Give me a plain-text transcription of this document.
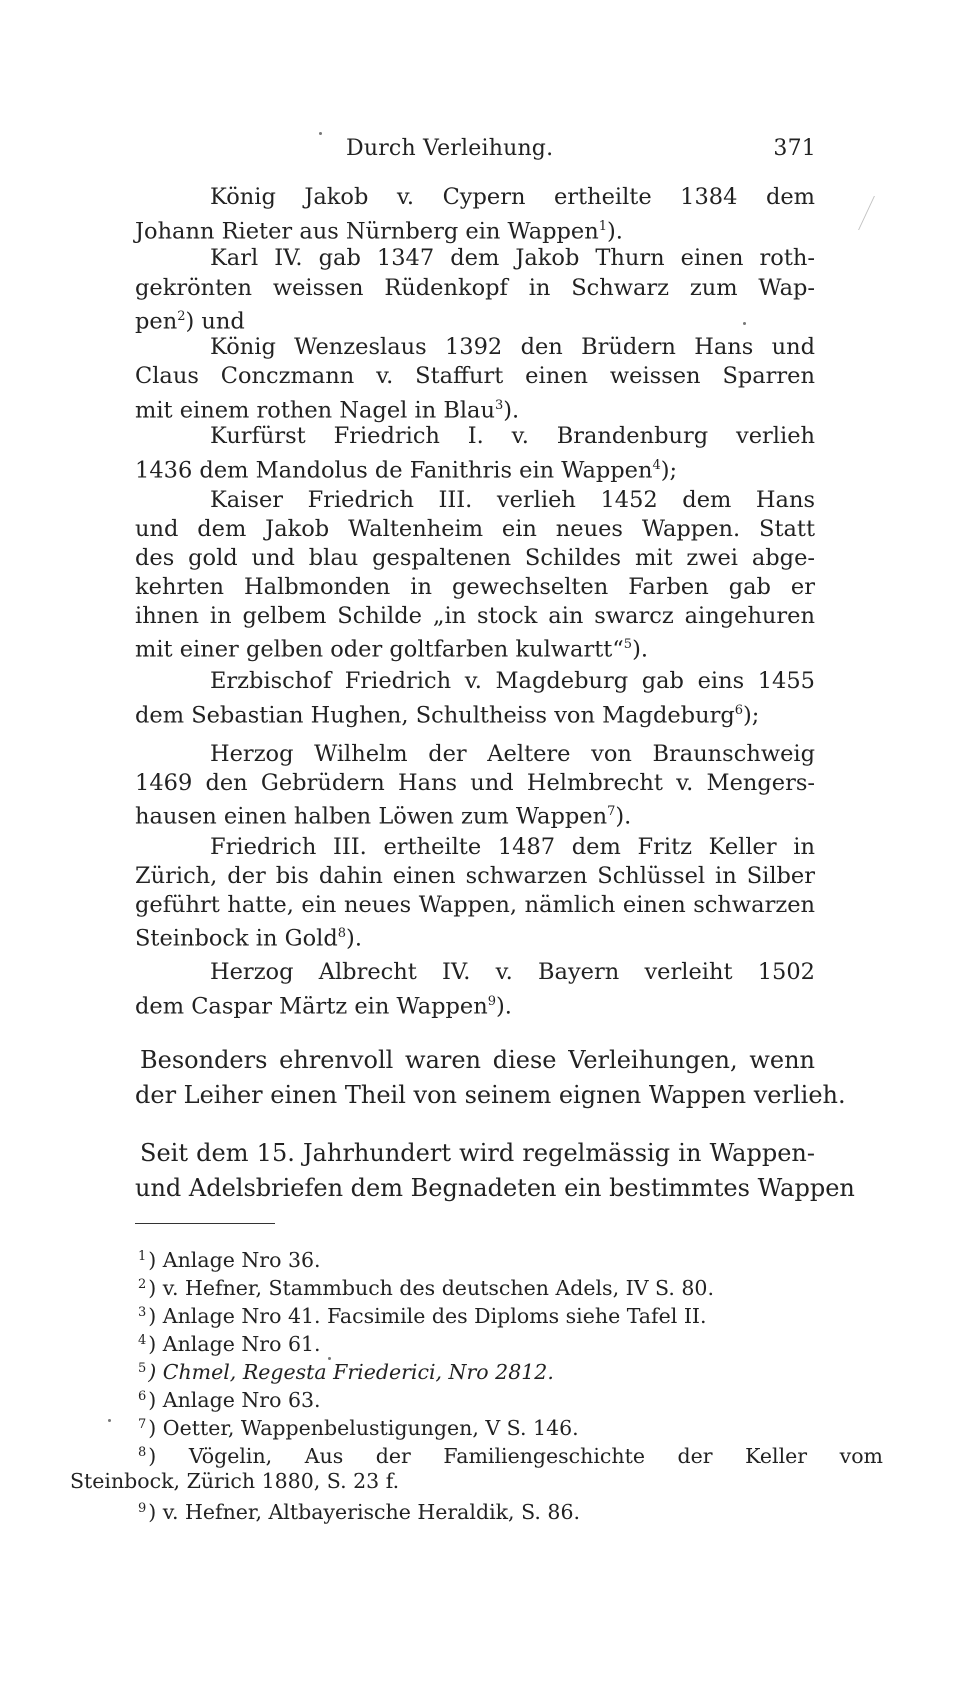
Durch Verleihung.	371
König Jakob v. Cypern ertheilte 1384 dem
Johann Rieter aus Nürnberg ein Wappen$^1$).
Karl IV. gab 1347 dem Jakob Thurn einen roth-
gekrönten weissen Rüdenkopf in Schwarz zum Wap-
pen$^2$) und
König Wenzeslaus 1392 den Brüdern Hans und
Claus Conczmann v. Staffurt einen weissen Sparren
mit einem rothen Nagel in Blau$^3$).
Kurfürst Friedrich I. v. Brandenburg verlieh
1436 dem Mandolus de Fanithris ein Wappen$^4$);
Kaiser Friedrich III. verlieh 1452 dem Hans
und dem Jakob Waltenheim ein neues Wappen. Statt
des gold und blau gespaltenen Schildes mit zwei abge-
kehrten Halbmonden in gewechselten Farben gab er
ihnen in gelbem Schilde „in stock ain swarcz aingehuren
mit einer gelben oder goltfarben kulwartt“$^5$).
Erzbischof Friedrich v. Magdeburg gab eins 1455
dem Sebastian Hughen, Schultheiss von Magdeburg$^6$);
Herzog Wilhelm der Aeltere von Braunschweig
1469 den Gebrüdern Hans und Helmbrecht v. Mengers-
hausen einen halben Löwen zum Wappen$^7$).
Friedrich III. ertheilte 1487 dem Fritz Keller in
Zürich, der bis dahin einen schwarzen Schlüssel in Silber
geführt hatte, ein neues Wappen, nämlich einen schwarzen
Steinbock in Gold$^8$).
Herzog Albrecht IV. v. Bayern verleiht 1502
dem Caspar Märtz ein Wappen$^9$).
Besonders ehrenvoll waren diese Verleihungen, wenn
der Leiher einen Theil von seinem eignen Wappen verlieh.
Seit dem 15. Jahrhundert wird regelmässig in Wappen-
und Adelsbriefen dem Begnadeten ein bestimmtes Wappen
$^1$) Anlage Nro 36.
$^2$) v. Hefner, Stammbuch des deutschen Adels, IV S. 80.
$^3$) Anlage Nro 41. Facsimile des Diploms siehe Tafel II.
$^4$) Anlage Nro 61.
$^5$) Chmel, Regesta Friederici, Nro 2812.
$^6$) Anlage Nro 63.
$^7$) Oetter, Wappenbelustigungen, V S. 146.
$^8$) Vögelin, Aus der Familiengeschichte der Keller vom
Steinbock, Zürich 1880, S. 23 f.
$^9$) v. Hefner, Altbayerische Heraldik, S. 86.
